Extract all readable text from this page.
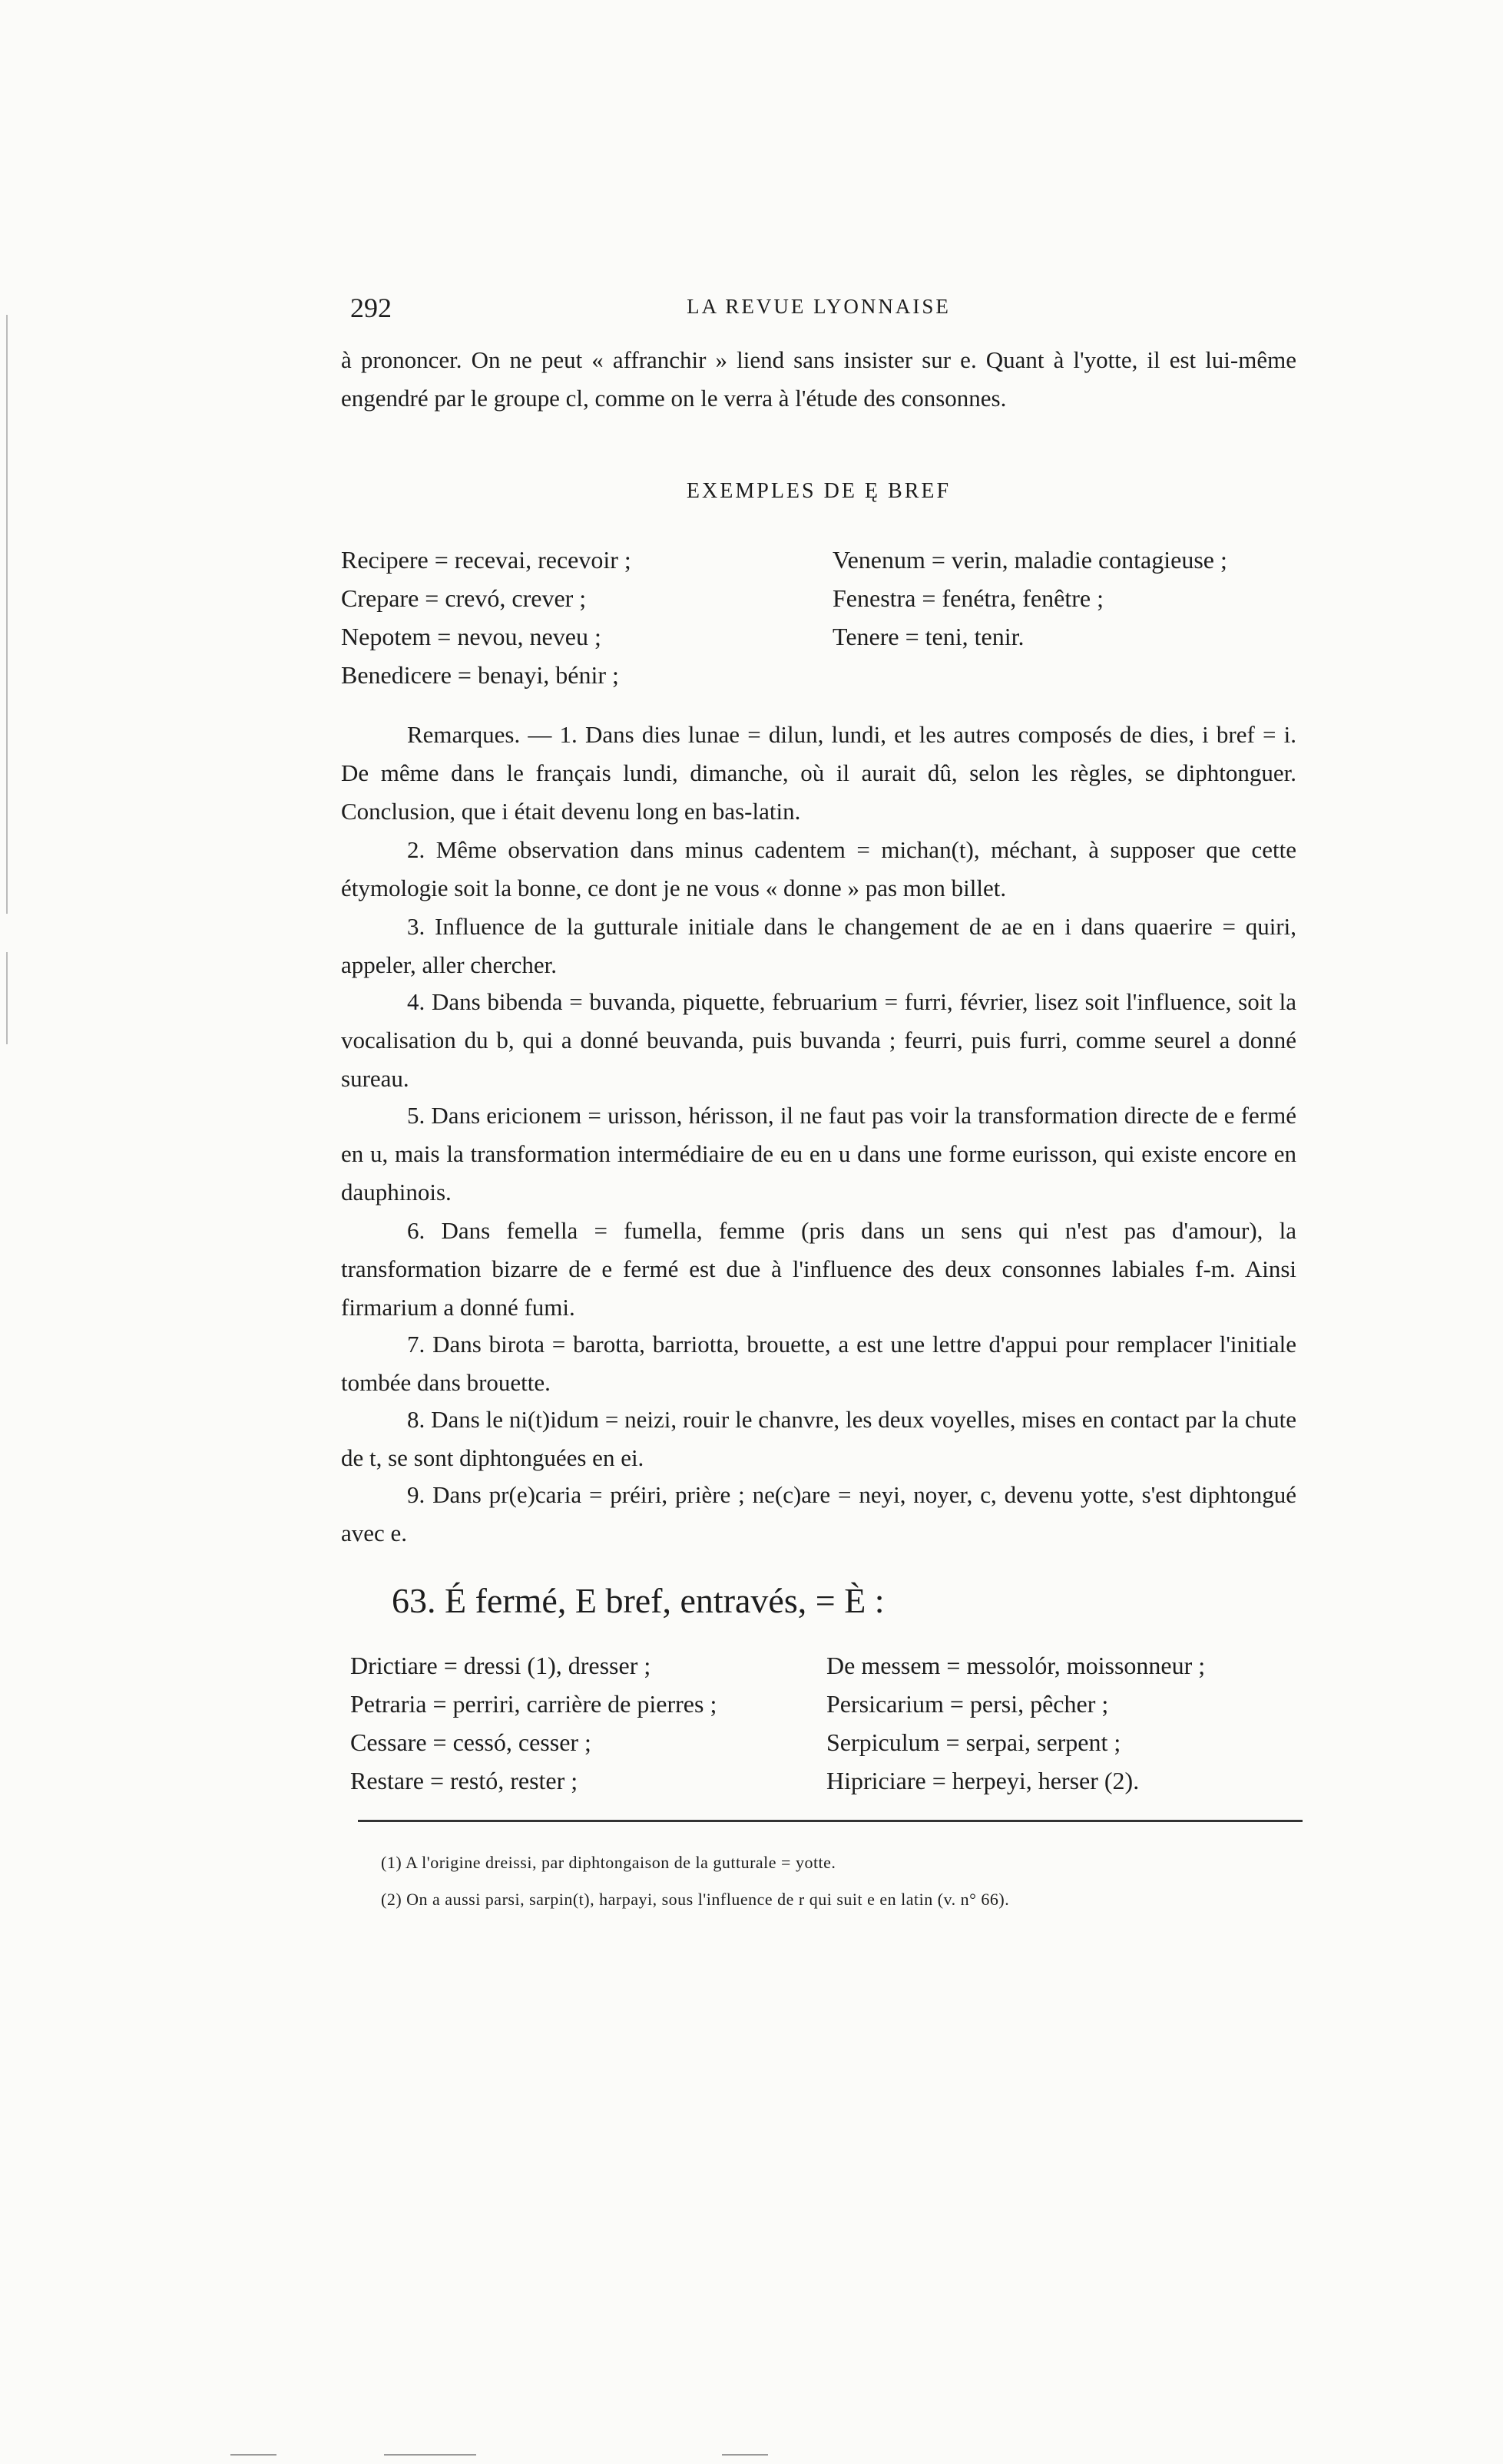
292	LA REVUE LYONNAISE

à prononcer. On ne peut « affranchir » liend sans insister sur e. Quant à l'yotte, il est lui-même engendré par le groupe cl, comme on le verra à l'étude des consonnes.

EXEMPLES DE Ę BREF
Recipere = recevai, recevoir ;
Crepare = crevó, crever ;
Nepotem = nevou, neveu ;
Benedicere = benayi, bénir ;
Venenum = verin, maladie contagieuse ;
Fenestra = fenétra, fenêtre ;
Tenere = teni, tenir.

Remarques. — 1. Dans dies lunae = dilun, lundi, et les autres composés de dies, i bref = i. De même dans le français lundi, dimanche, où il aurait dû, selon les règles, se diphtonguer. Conclusion, que i était devenu long en bas-latin.

2. Même observation dans minus cadentem = michan(t), méchant, à supposer que cette étymologie soit la bonne, ce dont je ne vous « donne » pas mon billet.

3. Influence de la gutturale initiale dans le changement de ae en i dans quaerire = quiri, appeler, aller chercher.

4. Dans bibenda = buvanda, piquette, februarium = furri, février, lisez soit l'influence, soit la vocalisation du b, qui a donné beuvanda, puis buvanda ; feurri, puis furri, comme seurel a donné sureau.

5. Dans ericionem = urisson, hérisson, il ne faut pas voir la transformation directe de e fermé en u, mais la transformation intermédiaire de eu en u dans une forme eurisson, qui existe encore en dauphinois.

6. Dans femella = fumella, femme (pris dans un sens qui n'est pas d'amour), la transformation bizarre de e fermé est due à l'influence des deux consonnes labiales f-m. Ainsi firmarium a donné fumi.

7. Dans birota = barotta, barriotta, brouette, a est une lettre d'appui pour remplacer l'initiale tombée dans brouette.

8. Dans le ni(t)idum = neizi, rouir le chanvre, les deux voyelles, mises en contact par la chute de t, se sont diphtonguées en ei.

9. Dans pr(e)caria = préiri, prière ; ne(c)are = neyi, noyer, c, devenu yotte, s'est diphtongué avec e.

63. É fermé, E bref, entravés, = È :
Drictiare = dressi (1), dresser ;
Petraria = perriri, carrière de pierres ;
Cessare = cessó, cesser ;
Restare = restó, rester ;
De messem = messolór, moissonneur ;
Persicarium = persi, pêcher ;
Serpiculum = serpai, serpent ;
Hipriciare = herpeyi, herser (2).
(1) A l'origine dreissi, par diphtongaison de la gutturale = yotte.
(2) On a aussi parsi, sarpin(t), harpayi, sous l'influence de r qui suit e en latin (v. n° 66).
